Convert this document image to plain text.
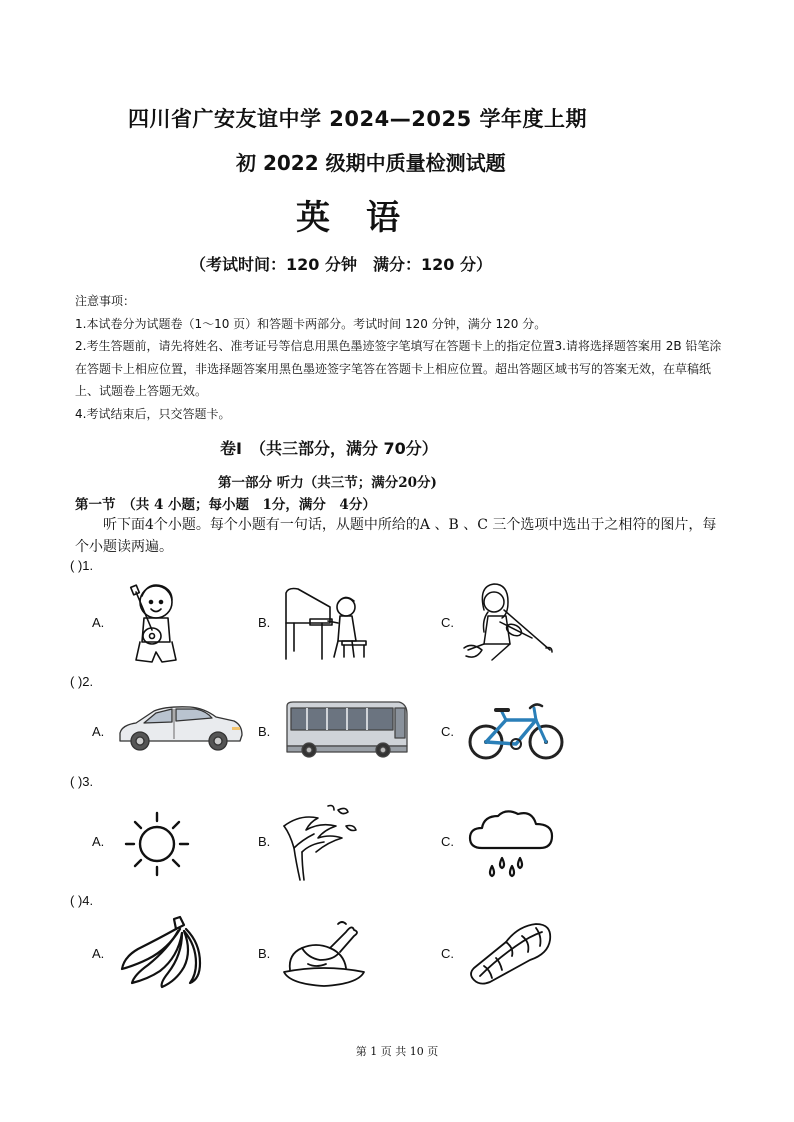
四川省广安友谊中学 2024—2025 学年度上期
初 2022 级期中质量检测试题
英语
（考试时间：120 分钟　满分：120 分）

注意事项：

1.本试卷分为试题卷（1～10 页）和答题卡两部分。考试时间 120 分钟，满分 120 分。

2.考生答题前，请先将姓名、准考证号等信息用黑色墨迹签字笔填写在答题卡上的指定位置3.请将选择题答案用 2B 铅笔涂在答题卡上相应位置，非选择题答案用黑色墨迹签字笔答在答题卡上相应位置。超出答题区域书写的答案无效，在草稿纸上、试题卷上答题无效。

4.考试结束后，只交答题卡。

卷Ⅰ　（共三部分，满分 70分）
第一部分 听力（共三节；满分20分)
第一节　（共 4 小题；每小题　1分，满分　4分）
听下面4个小题。每个小题有一句话，从题中所给的A 、B 、C 三个选项中选出于之相符的图片，每个小题读两遍。
( )1.
A.	B.	C.
( )2.
A.	B.	C.
( )3.
A.	B.	C.
( )4.
A.	B.	C.
第 1 页 共 10 页
